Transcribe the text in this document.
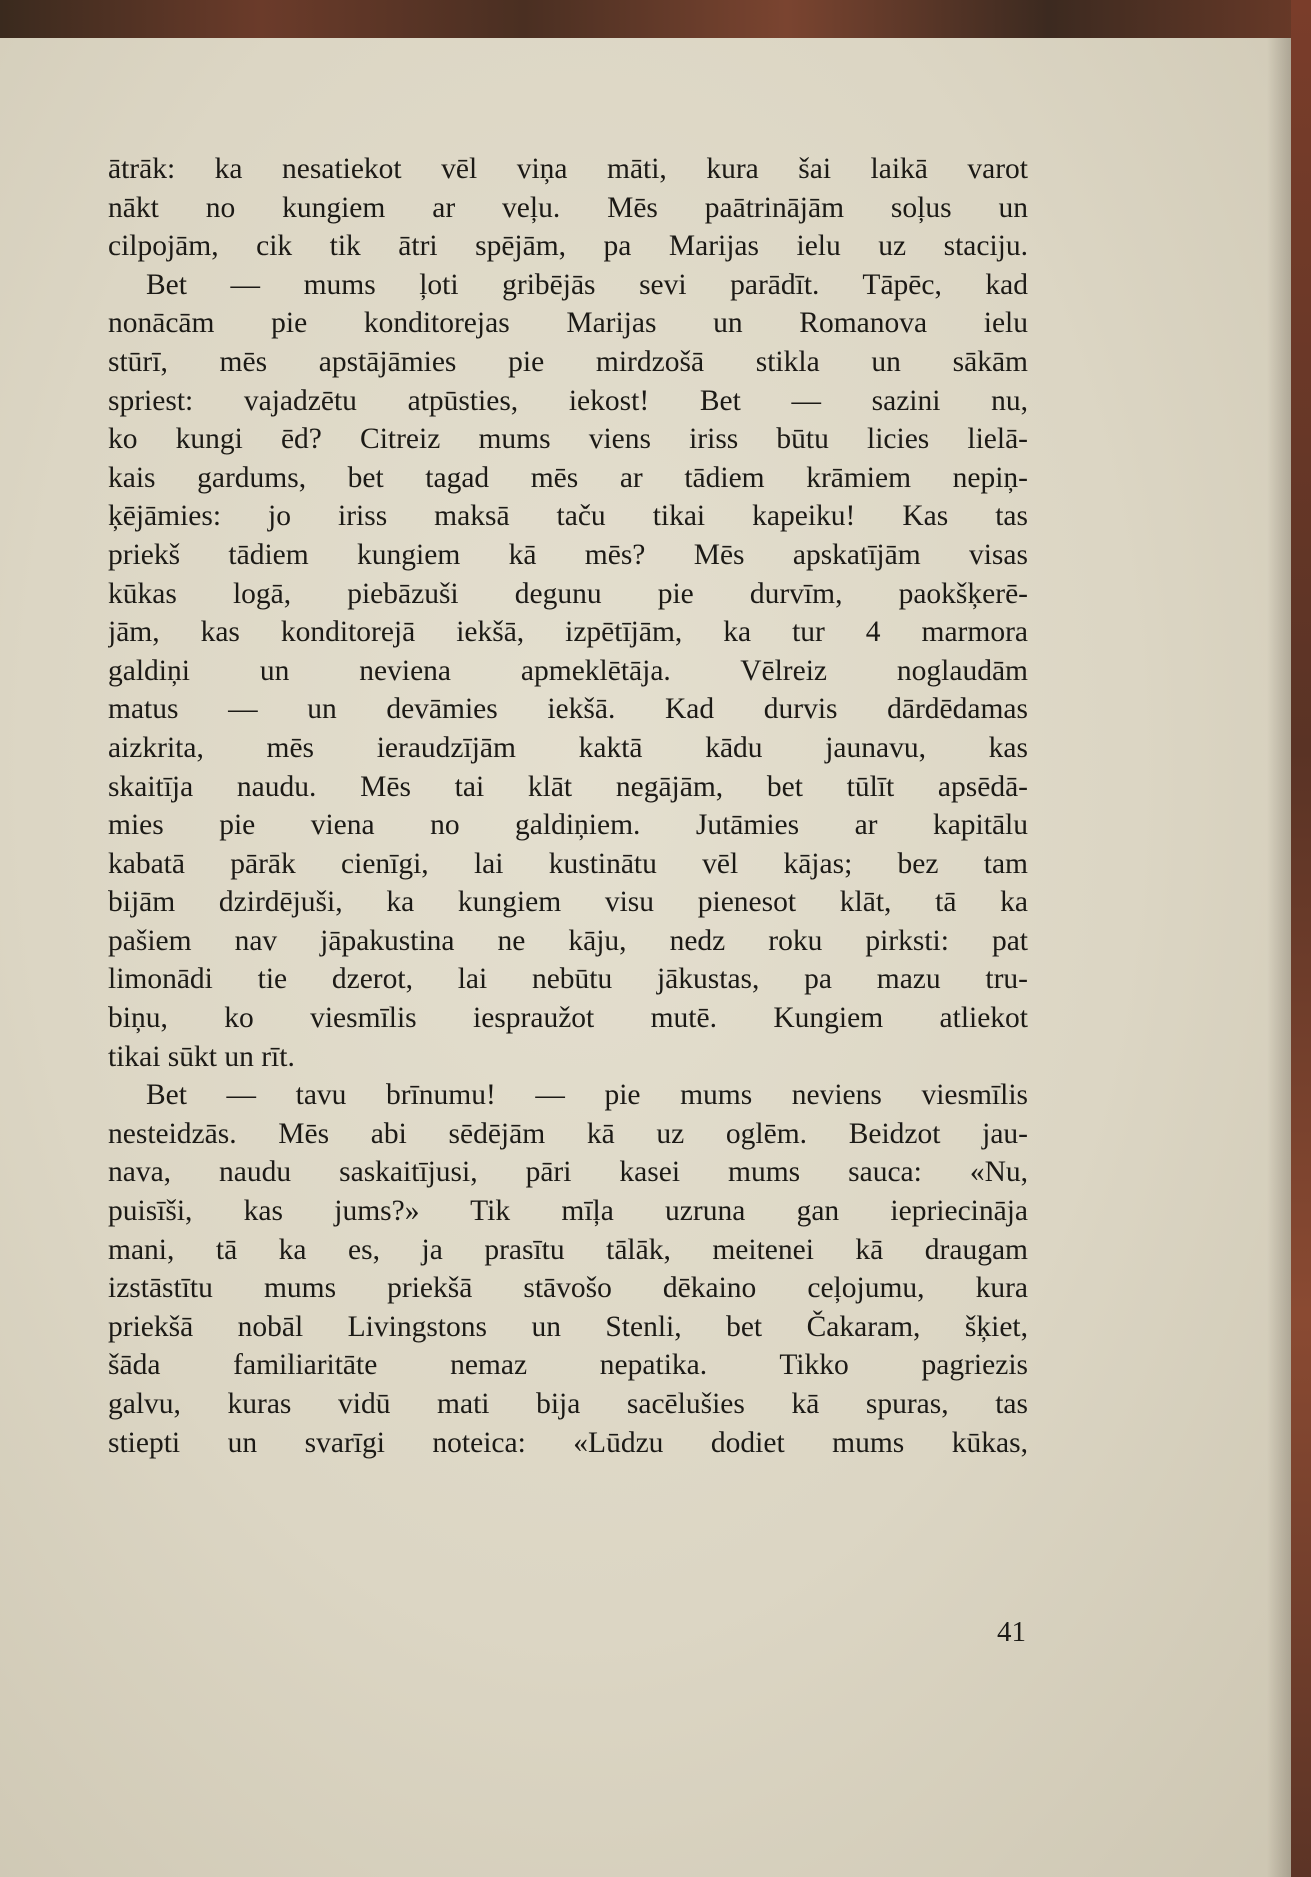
ātrāk: ka nesatiekot vēl viņa māti, kura šai laikā varot
nākt no kungiem ar veļu. Mēs paātrinājām soļus un
cilpojām, cik tik ātri spējām, pa Marijas ielu uz staciju.
Bet — mums ļoti gribējās sevi parādīt. Tāpēc, kad
nonācām pie konditorejas Marijas un Romanova ielu
stūrī, mēs apstājāmies pie mirdzošā stikla un sākām
spriest: vajadzētu atpūsties, iekost! Bet — sazini nu,
ko kungi ēd? Citreiz mums viens iriss būtu licies lielā-
kais gardums, bet tagad mēs ar tādiem krāmiem nepiņ-
ķējāmies: jo iriss maksā taču tikai kapeiku! Kas tas
priekš tādiem kungiem kā mēs? Mēs apskatījām visas
kūkas logā, piebāzuši degunu pie durvīm, paokšķerē-
jām, kas konditorejā iekšā, izpētījām, ka tur 4 marmora
galdiņi un neviena apmeklētāja. Vēlreiz noglaudām
matus — un devāmies iekšā. Kad durvis dārdēdamas
aizkrita, mēs ieraudzījām kaktā kādu jaunavu, kas
skaitīja naudu. Mēs tai klāt negājām, bet tūlīt apsēdā-
mies pie viena no galdiņiem. Jutāmies ar kapitālu
kabatā pārāk cienīgi, lai kustinātu vēl kājas; bez tam
bijām dzirdējuši, ka kungiem visu pienesot klāt, tā ka
pašiem nav jāpakustina ne kāju, nedz roku pirksti: pat
limonādi tie dzerot, lai nebūtu jākustas, pa mazu tru-
biņu, ko viesmīlis iesprаužot mutē. Kungiem atliekot
tikai sūkt un rīt.
Bet — tavu brīnumu! — pie mums neviens viesmīlis
nesteidzās. Mēs abi sēdējām kā uz oglēm. Beidzot jau-
nava, naudu saskaitījusi, pāri kasei mums sauca: «Nu,
puisīši, kas jums?» Tik mīļa uzruna gan iepriecināja
mani, tā ka es, ja prasītu tālāk, meitenei kā draugam
izstāstītu mums priekšā stāvošo dēkaino ceļojumu, kura
priekšā nobāl Livingstons un Stenli, bet Čakaram, šķiet,
šāda familiaritāte nemaz nepatika. Tikko pagriezis
galvu, kuras vidū mati bija sacēlušies kā spuras, tas
stiepti un svarīgi noteica: «Lūdzu dodiet mums kūkas,
41
